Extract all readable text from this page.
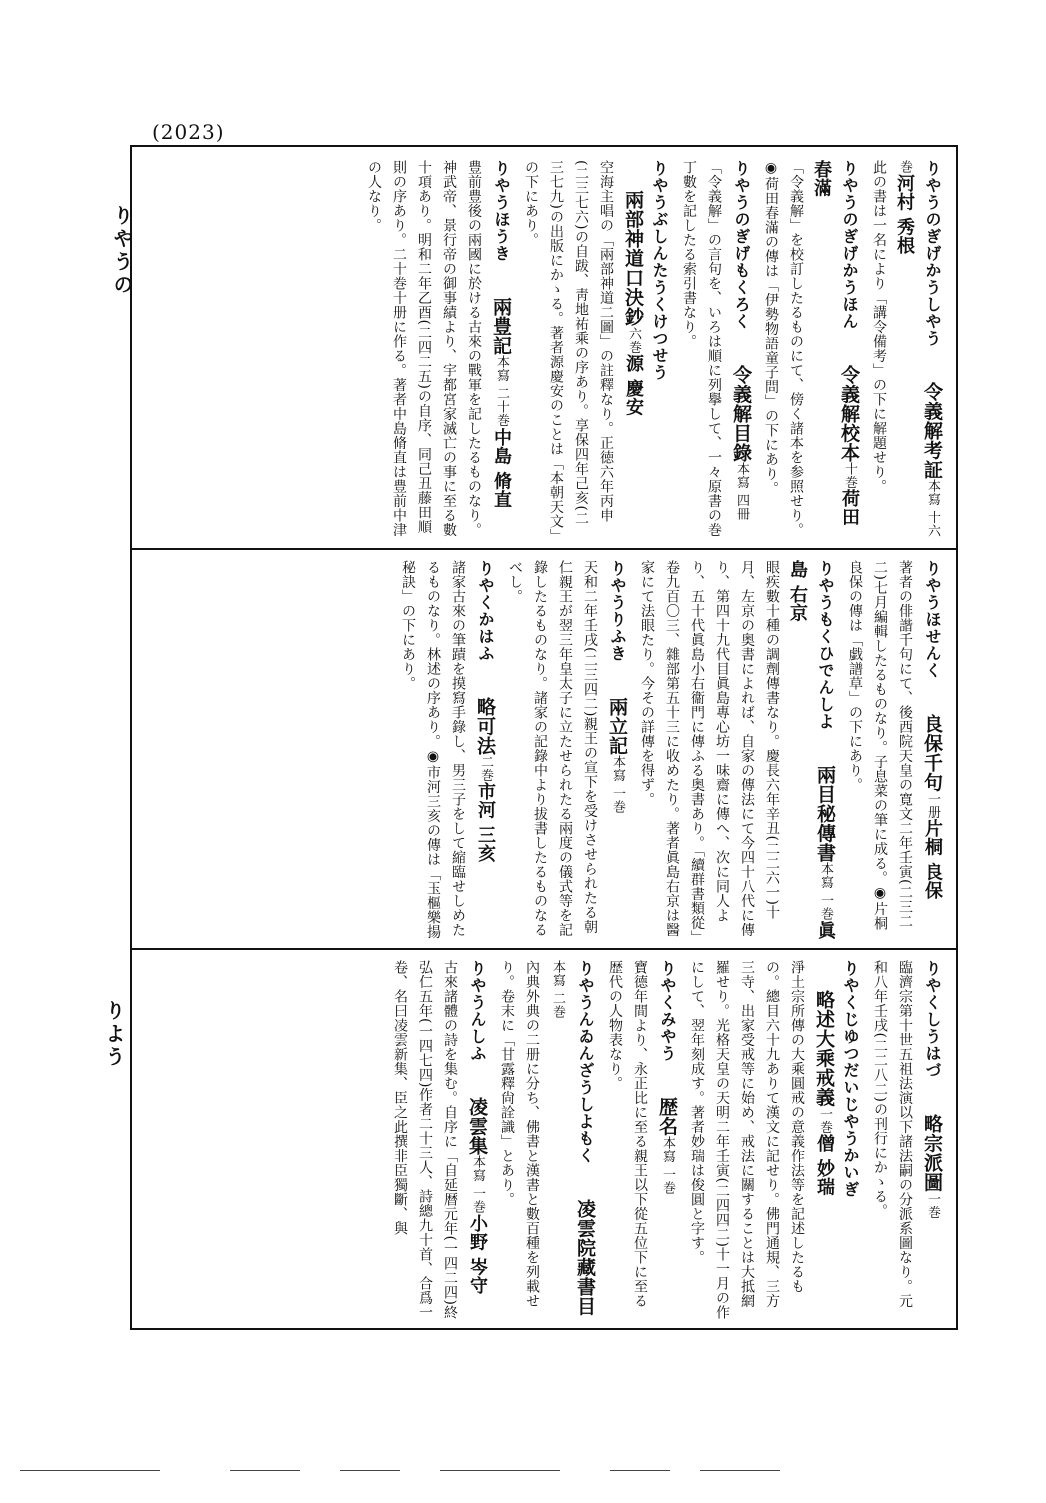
(2023)
りやうの
りよう
りやうのぎげかうしやう 令義解考証本寫 十六巻河村 秀根
此の書は一名により「講令備考」の下に解題せり。
りやうのぎげかうほん 令義解校本十巻荷田 春滿
「令義解」を校訂したるものにて、傍く諸本を参照せり。◉荷田春滿の傳は「伊勢物語童子問」の下にあり。
りやうのぎげもくろく 令義解目錄本寫 四冊
「令義解」の言句を、いろは順に列擧して、一々原書の巻丁數を記したる索引書なり。
りやうぶしんたうくけつせう 兩部神道口決鈔六巻源 慶安
空海主唱の「兩部神道二圖」の註釋なり。正徳六年丙申(二三七六)の自跋、靑地祐乘の序あり。享保四年己亥(二三七九)の出版にかゝる。著者源慶安のことは「本朝天文」の下にあり。
りやうほうき 兩豊記本寫 二十巻中島 脩直
豊前豊後の兩國に於ける古來の戰軍を記したるものなり。神武帝、景行帝の御事績より、宇都宮家滅亡の事に至る數十項あり。明和二年乙酉(二四二五)の自序、同己丑藤田順則の序あり。二十巻十册に作る。著者中島脩直は豊前中津の人なり。
りやうほせんく 良保千句一册片桐 良保
著者の俳諧千句にて、後西院天皇の寛文二年壬寅(二三二二)七月編輯したるものなり。子息菜の筆に成る。◉片桐良保の傳は「戯譜草」の下にあり。
りやうもくひでんしよ 兩目秘傳書本寫 一巻眞島 右京
眼疾數十種の調劑傳書なり。慶長六年辛丑(二二六一)十月、左京の奥書によれば、自家の傳法にて今四十八代に傳り、第四十九代目眞島專心坊一味齋に傳へ、次に同人より、五十代眞島小右衞門に傳ふる奥書あり。「續群書類從」卷九百〇三、雜部第五十三に收めたり。著者眞島右京は醫家にて法眼たり。今その詳傳を得ず。
りやうりふき 兩立記本寫 一巻
天和二年壬戌(二三四二)親王の宣下を受けさせられたる朝仁親王が翌三年皇太子に立たせられたる兩度の儀式等を記錄したるものなり。諸家の記錄中より拔書したるものなるべし。
りやくかはふ 略可法二巻市河 三亥
諸家古來の筆蹟を摸寫手錄し、男三子をして縮臨せしめたるものなり。林述の序あり。◉市河三亥の傳は「玉樞樂揚秘訣」の下にあり。
りやくしうはづ 略宗派圖一巻
臨濟宗第十世五祖法演以下諸法嗣の分派系圖なり。元和八年壬戌(二二八二)の刊行にかゝる。
りやくじゆつだいじやうかいぎ 略述大乘戒義一巻僧 妙瑞
淨土宗所傳の大乘圓戒の意義作法等を記述したるもの。總目六十九ありて漢文に記せり。佛門通規、三方三寺、出家受戒等に始め、戒法に關することは大抵網羅せり。光格天皇の天明二年壬寅(二四四二)十一月の作にして、翌年刻成す。著者妙瑞は俊圓と字す。
りやくみやう 歴名本寫 一巻
寶德年間より、永正比に至る親王以下從五位下に至る歴代の人物表なり。
りやうんゐんざうしよもく 凌雲院藏書目本寫 二巻
內典外典の二册に分ち、佛書と漢書と數百種を列載せり。卷末に「甘露釋尙詮識」とあり。
りやうんしふ 凌雲集本寫 一巻小野 岑守
古來諸體の詩を集む。自序に「自延暦元年(一四二四)終弘仁五年(一四七四)作者二十三人、詩總九十首、合爲一卷、名曰凌雲新集、臣之此撰非臣獨斷、與
